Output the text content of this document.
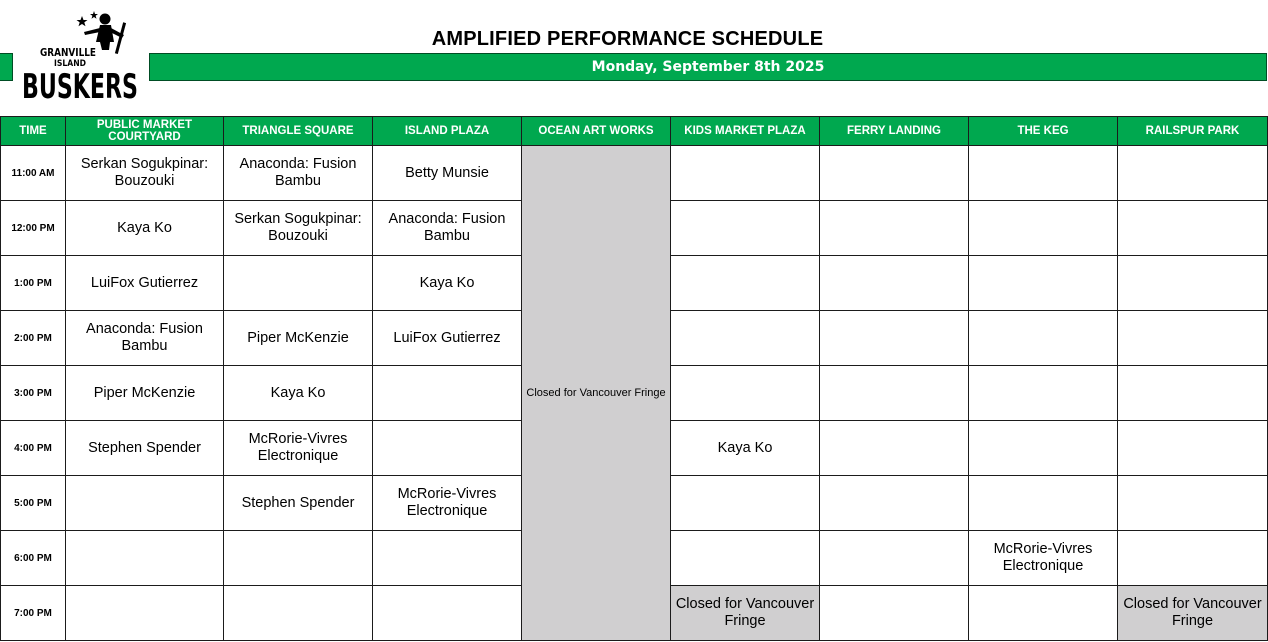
GRANVILLE
ISLAND
BUSKERS
AMPLIFIED PERFORMANCE SCHEDULE
Monday, September 8th 2025
TIME	PUBLIC MARKET COURTYARD	TRIANGLE SQUARE	ISLAND PLAZA	OCEAN ART WORKS	KIDS MARKET PLAZA	FERRY LANDING	THE KEG	RAILSPUR PARK
11:00 AM	Serkan Sogukpinar: Bouzouki	Anaconda: Fusion Bambu	Betty Munsie	Closed for Vancouver Fringe				
12:00 PM	Kaya Ko	Serkan Sogukpinar: Bouzouki	Anaconda: Fusion Bambu					
1:00 PM	LuiFox Gutierrez		Kaya Ko					
2:00 PM	Anaconda: Fusion Bambu	Piper McKenzie	LuiFox Gutierrez					
3:00 PM	Piper McKenzie	Kaya Ko						
4:00 PM	Stephen Spender	McRorie-Vivres Electronique			Kaya Ko			
5:00 PM		Stephen Spender	McRorie-Vivres Electronique					
6:00 PM							McRorie-Vivres Electronique	
7:00 PM					Closed for Vancouver Fringe			Closed for Vancouver Fringe
